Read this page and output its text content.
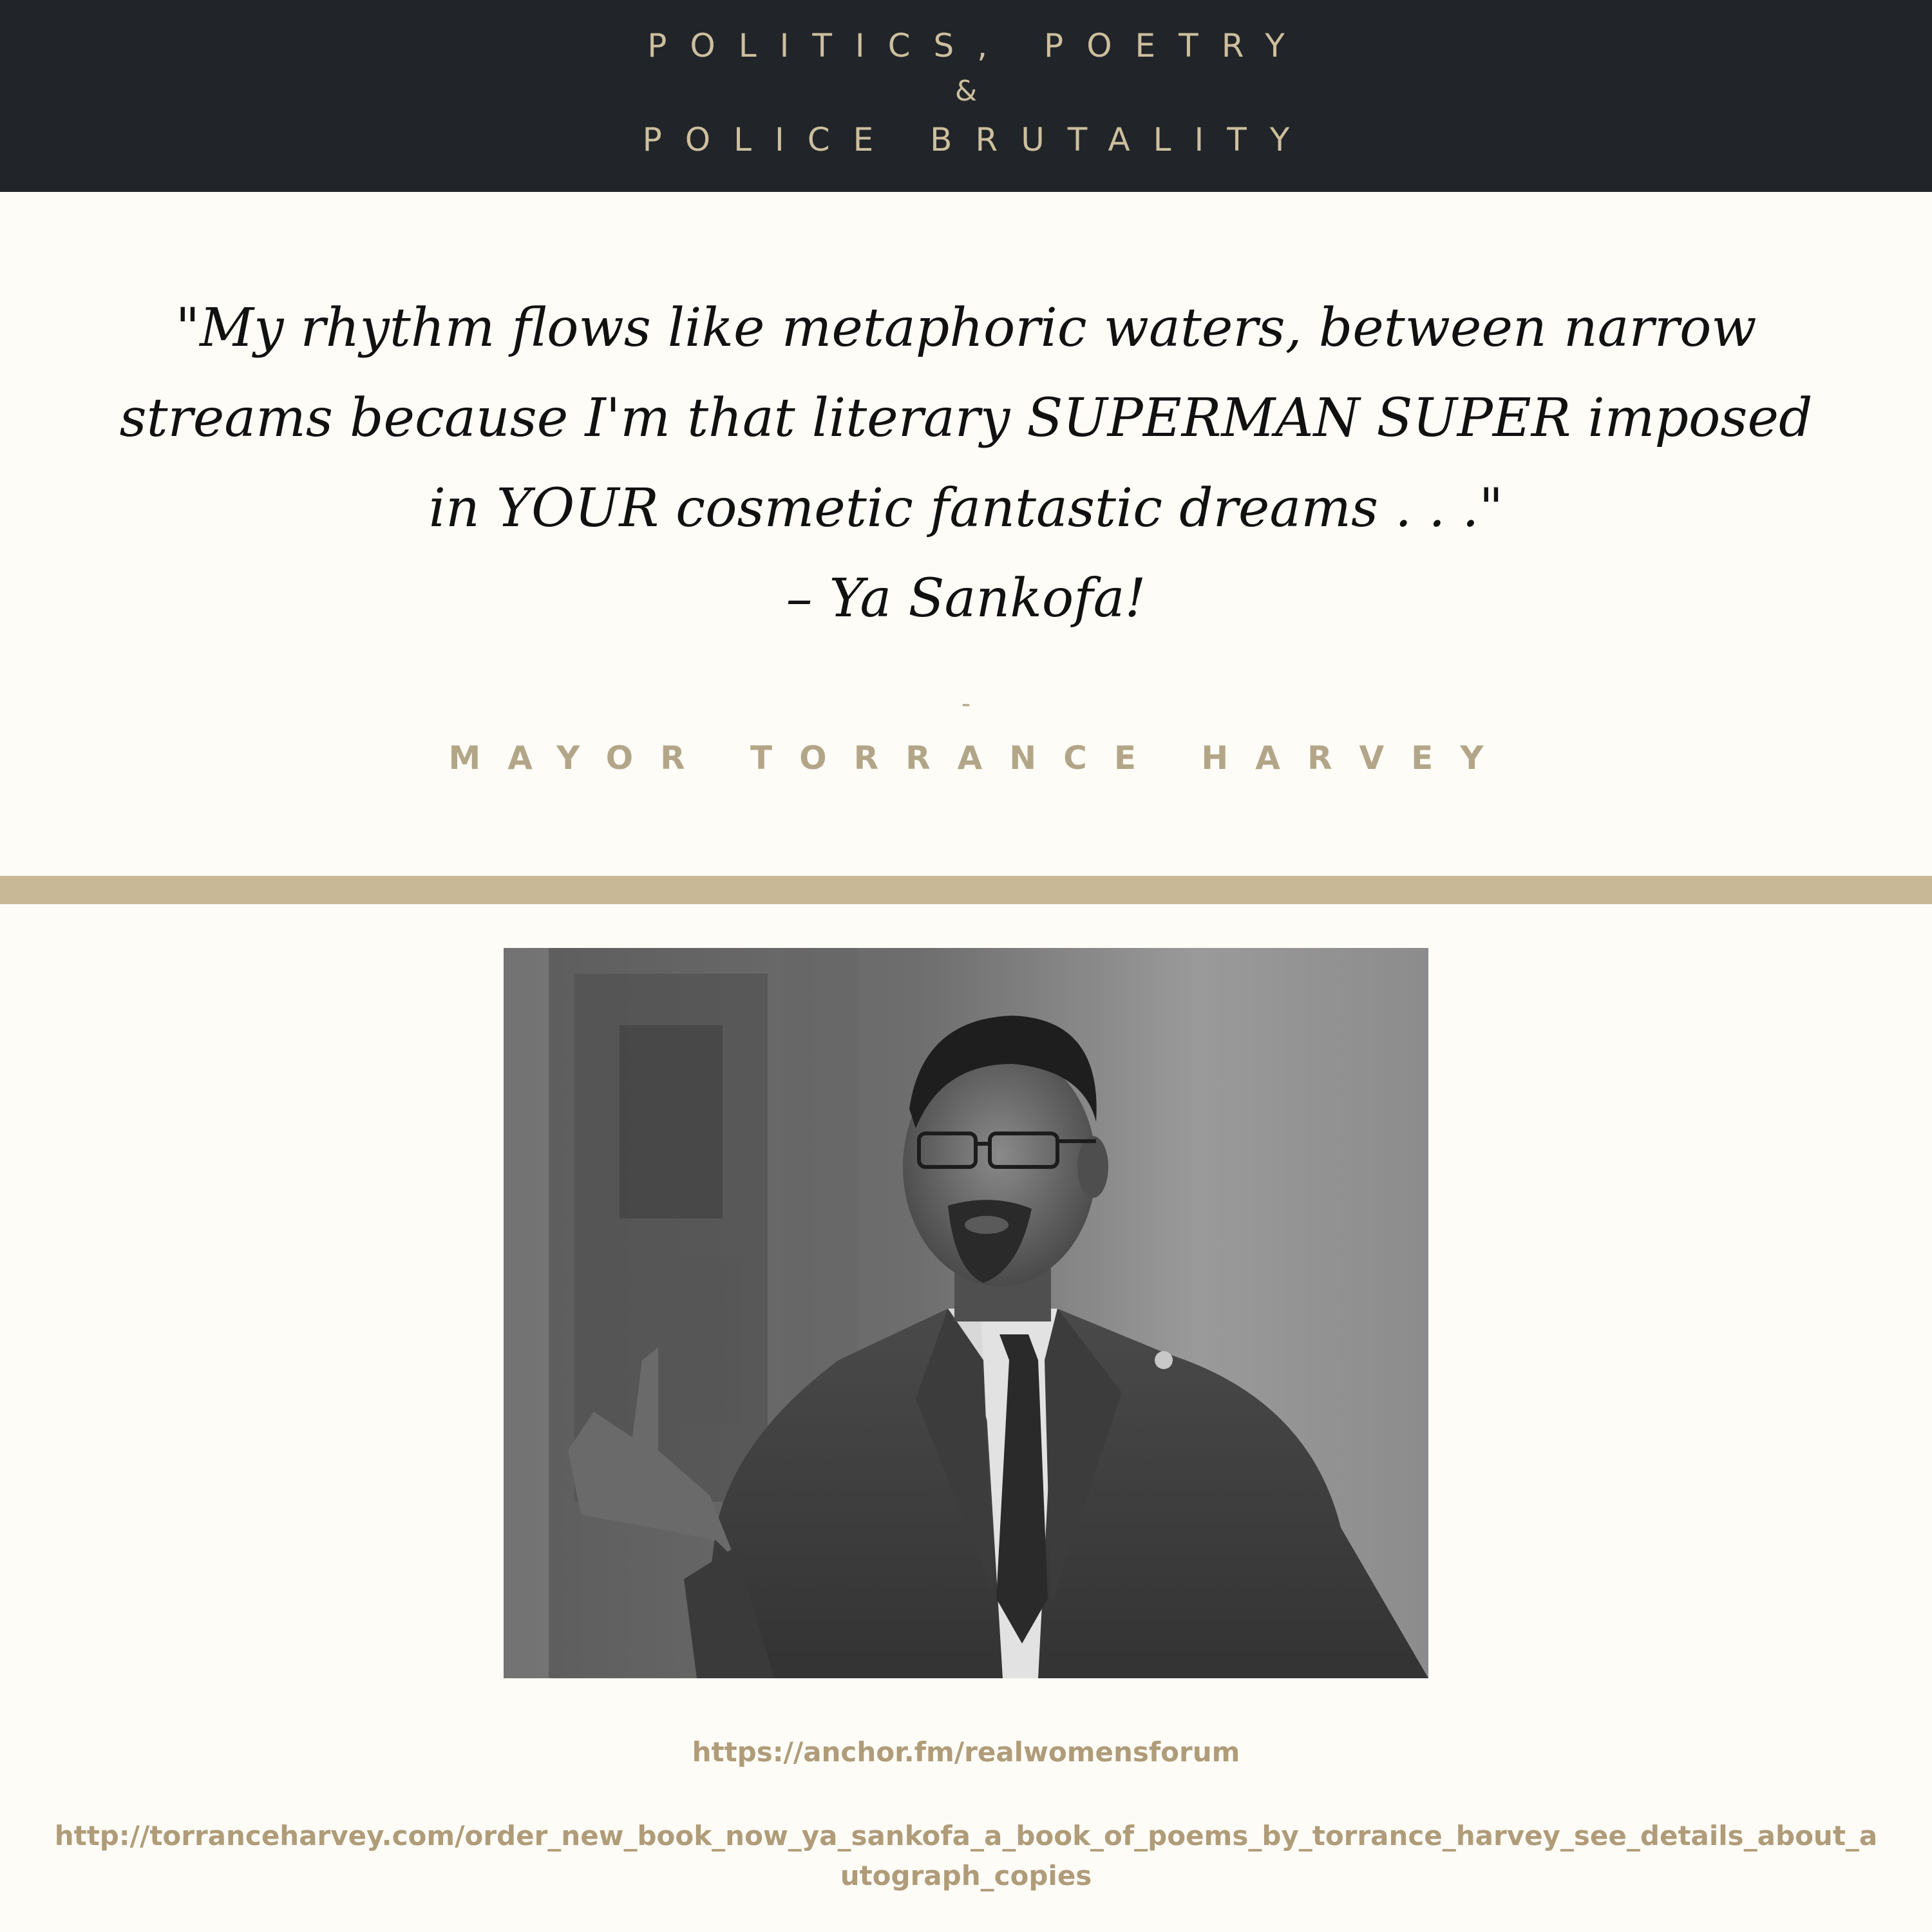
POLITICS, POETRY
&
POLICE BRUTALITY
"My rhythm flows like metaphoric waters, between narrow
streams because I'm that literary SUPERMAN SUPER imposed
in YOUR cosmetic fantastic dreams . . ."
– Ya Sankofa!
-
MAYOR TORRANCE HARVEY
https://anchor.fm/realwomensforum
http://torranceharvey.com/order_new_book_now_ya_sankofa_a_book_of_poems_by_torrance_harvey_see_details_about_a
utograph_copies
